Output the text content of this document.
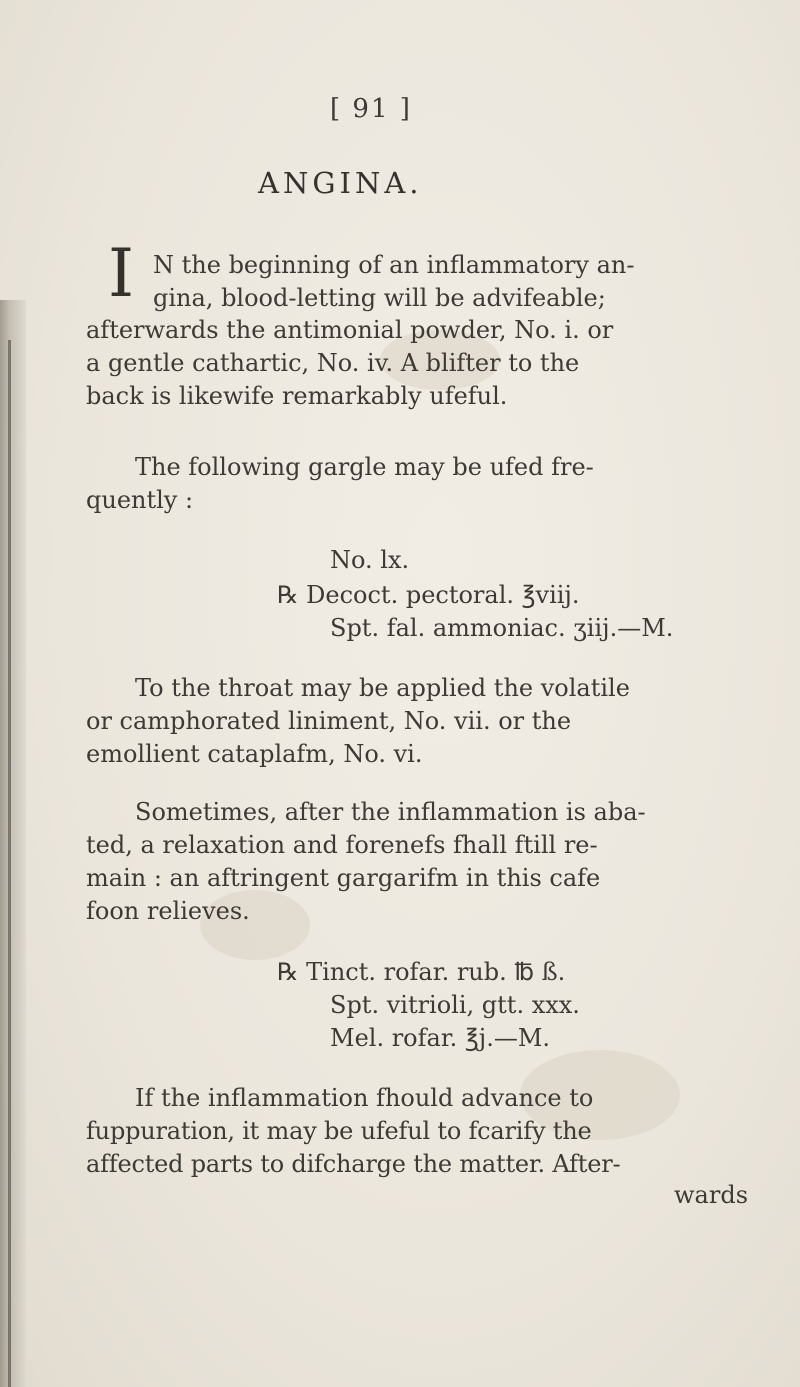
[ 91 ]
ANGINA.
I N the beginning of an inflammatory an-
gina, blood-letting will be advifeable;
afterwards the antimonial powder, No. i. or
a gentle cathartic, No. iv. A blifter to the
back is likewife remarkably ufeful.
The following gargle may be ufed fre-
quently :
No. lx.
℞ Decoct. pectoral. ℥viij.
Spt. fal. ammoniac. ʒiij.—M.
To the throat may be applied the volatile
or camphorated liniment, No. vii. or the
emollient cataplafm, No. vi.
Sometimes, after the inflammation is aba-
ted, a relaxation and forenefs fhall ftill re-
main : an aftringent gargarifm in this cafe
foon relieves.
℞ Tinct. rofar. rub. ℔ ß.
Spt. vitrioli, gtt. xxx.
Mel. rofar. ℥j.—M.
If the inflammation fhould advance to
fuppuration, it may be ufeful to fcarify the
affected parts to difcharge the matter. After-
wards
